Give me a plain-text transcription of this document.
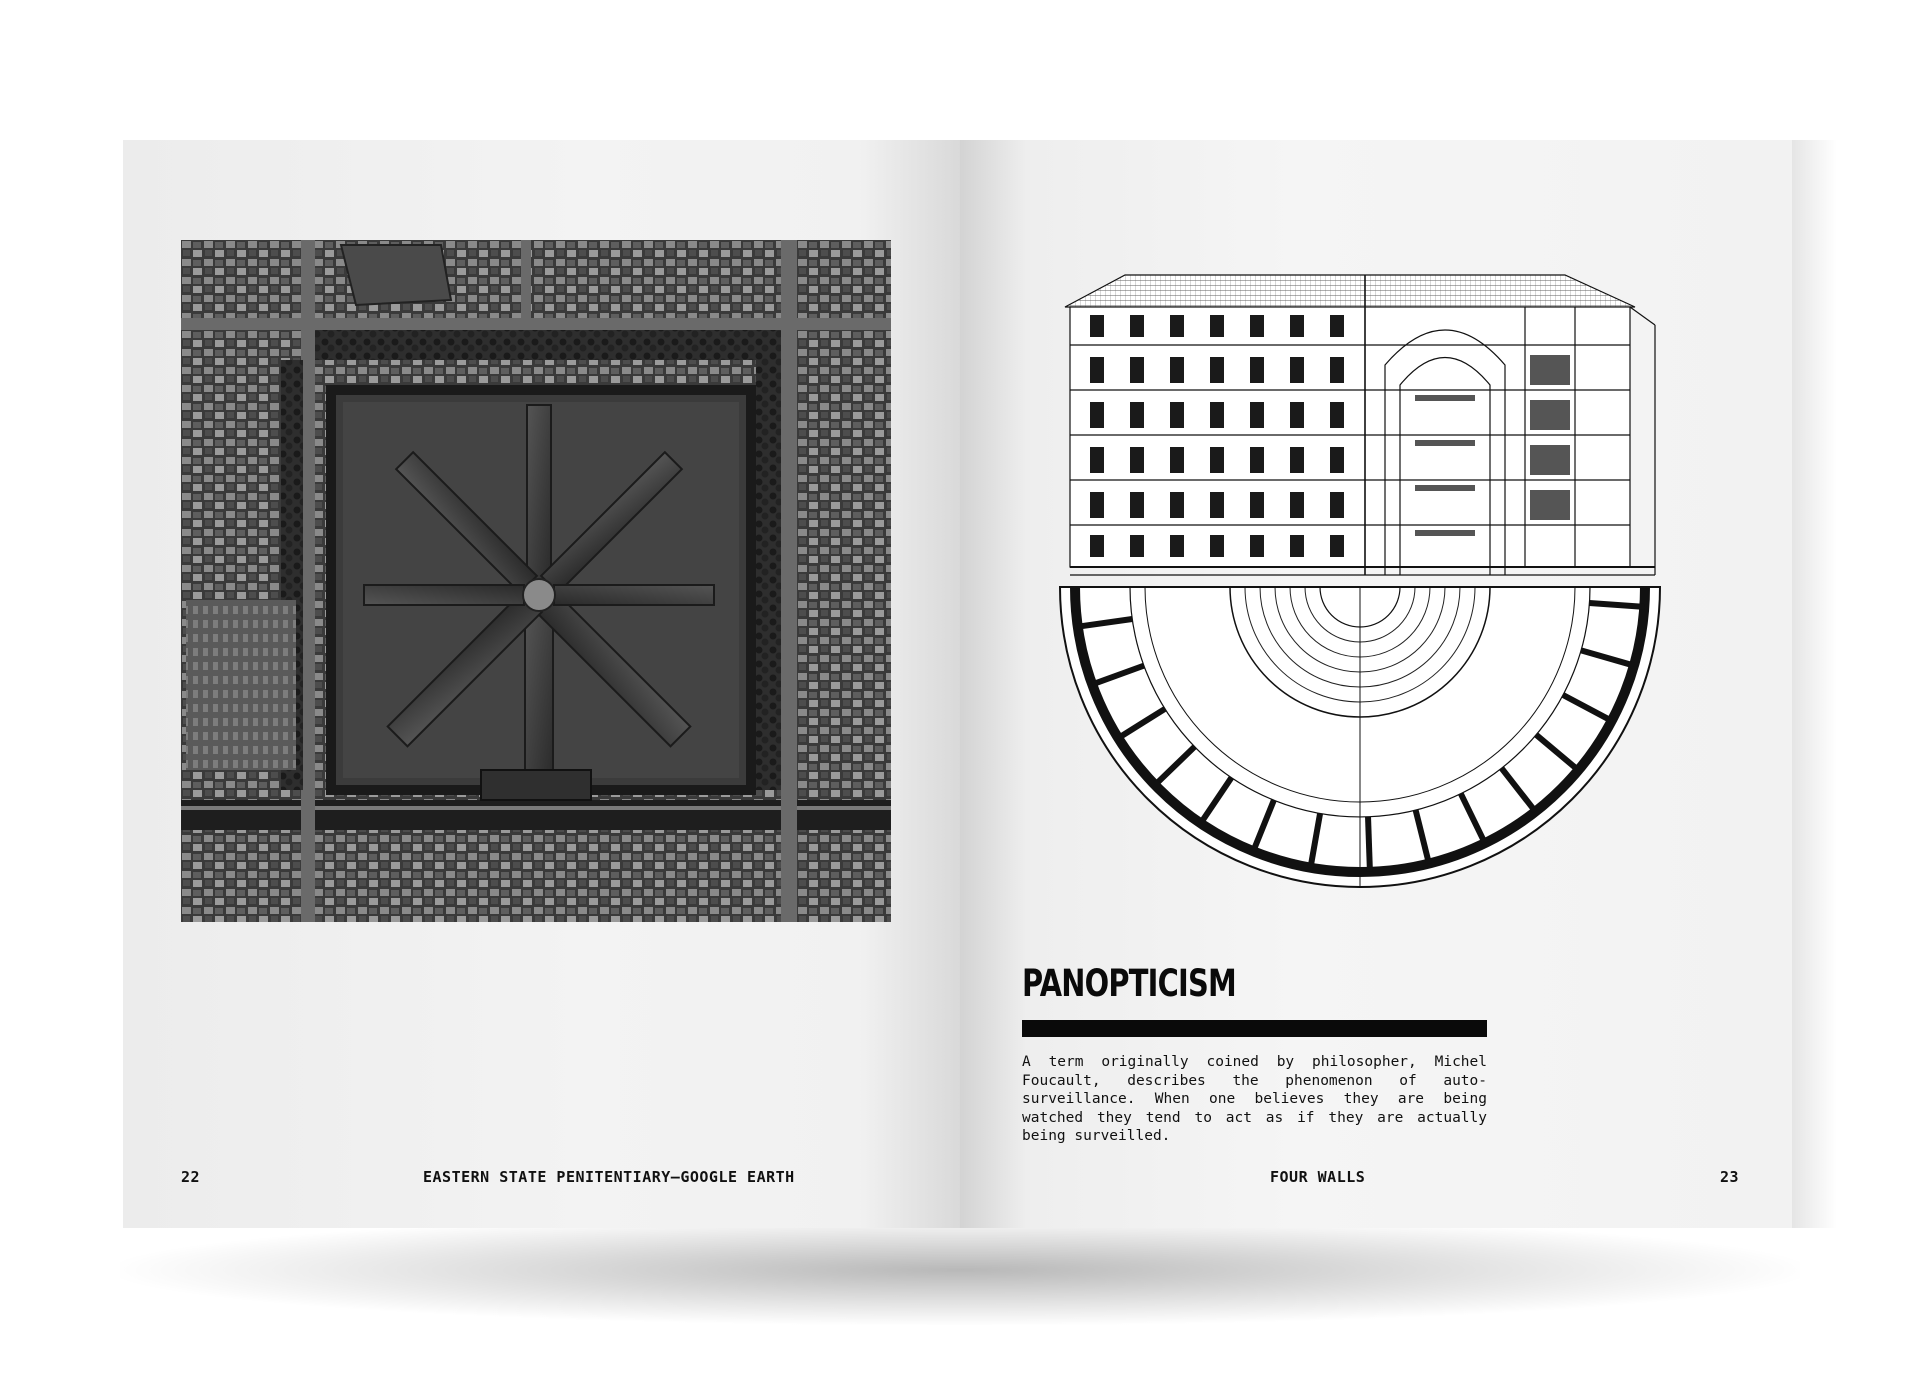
22	EASTERN STATE PENITENTIARY—GOOGLE EARTH
PANOPTICISM
A term originally coined by philosopher, Michel Foucault, describes the phenomenon of auto-surveillance. When one believes they are being watched they tend to act as if they are actually being surveilled.
FOUR WALLS	23
